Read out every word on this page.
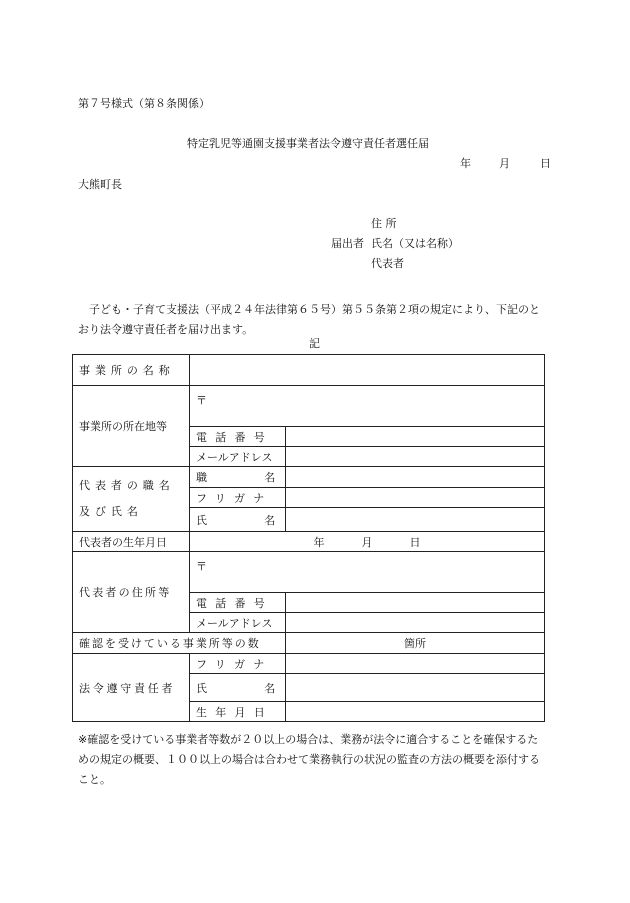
第７号様式（第８条関係）
特定乳児等通園支援事業者法令遵守責任者選任届
年	月	日
大熊町長
住 所
届出者 氏名（又は名称）
代表者
子ども・子育て支援法（平成２４年法律第６５号）第５５条第２項の規定により、下記のとおり法令遵守責任者を届け出ます。
記
事業所の名称		
事業所の所在地等	〒	
	電話番号	
	メールアドレス	
代表者の職名
及び氏名	職名	
	フリガナ	
	氏名	
代表者の生年月日	年 月 日	
代表者の住所等	〒	
	電話番号	
	メールアドレス	
確認を受けている事業所等の数		箇所
法令遵守責任者	フリガナ	
	氏名	
	生年月日	
※確認を受けている事業者等数が２０以上の場合は、業務が法令に適合することを確保するための規定の概要、１００以上の場合は合わせて業務執行の状況の監査の方法の概要を添付すること。
